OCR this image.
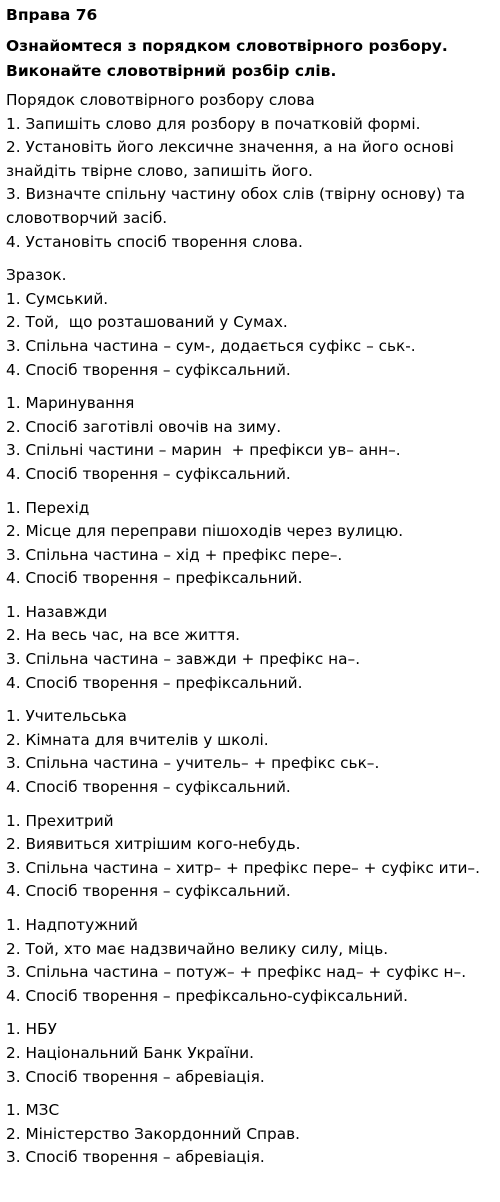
Вправа 76

Ознайомтеся з порядком словотвірного розбору. Виконайте словотвірний розбір слів.

Порядок словотвірного розбору слова
1. Запишіть слово для розбору в початковій формі.
2. Установіть його лексичне значення, а на його основі знайдіть твірне слово, запишіть його.
3. Визначте спільну частину обох слів (твірну основу) та словотворчий засіб.
4. Установіть спосіб творення слова.
Зразок.
1. Сумський.
2. Той,  що розташований у Сумах.
3. Спільна частина – сум-, додається суфікс – ськ-.
4. Спосіб творення – суфіксальний.
1. Маринування
2. Спосіб заготівлі овочів на зиму.
3. Спільні частини – марин  + префікси ув– анн–.
4. Спосіб творення – суфіксальний.
1. Перехід
2. Місце для переправи пішоходів через вулицю.
3. Спільна частина – хід + префікс пере–.
4. Спосіб творення – префіксальний.
1. Назавжди
2. На весь час, на все життя.
3. Спільна частина – завжди + префікс на–.
4. Спосіб творення – префіксальний.
1. Учительська
2. Кімната для вчителів у школі.
3. Спільна частина – учитель– + префікс ськ–.
4. Спосіб творення – суфіксальний.
1. Прехитрий
2. Виявиться хитрішим кого-небудь.
3. Спільна частина – хитр– + префікс пере– + суфікс ити–.
4. Спосіб творення – суфіксальний.
1. Надпотужний
2. Той, хто має надзвичайно велику силу, міць.
3. Спільна частина – потуж– + префікс над– + суфікс н–.
4. Спосіб творення – префіксально-суфіксальний.
1. НБУ
2. Національний Банк України.
3. Спосіб творення – абревіація.
1. МЗС
2. Міністерство Закордонний Справ.
3. Спосіб творення – абревіація.
